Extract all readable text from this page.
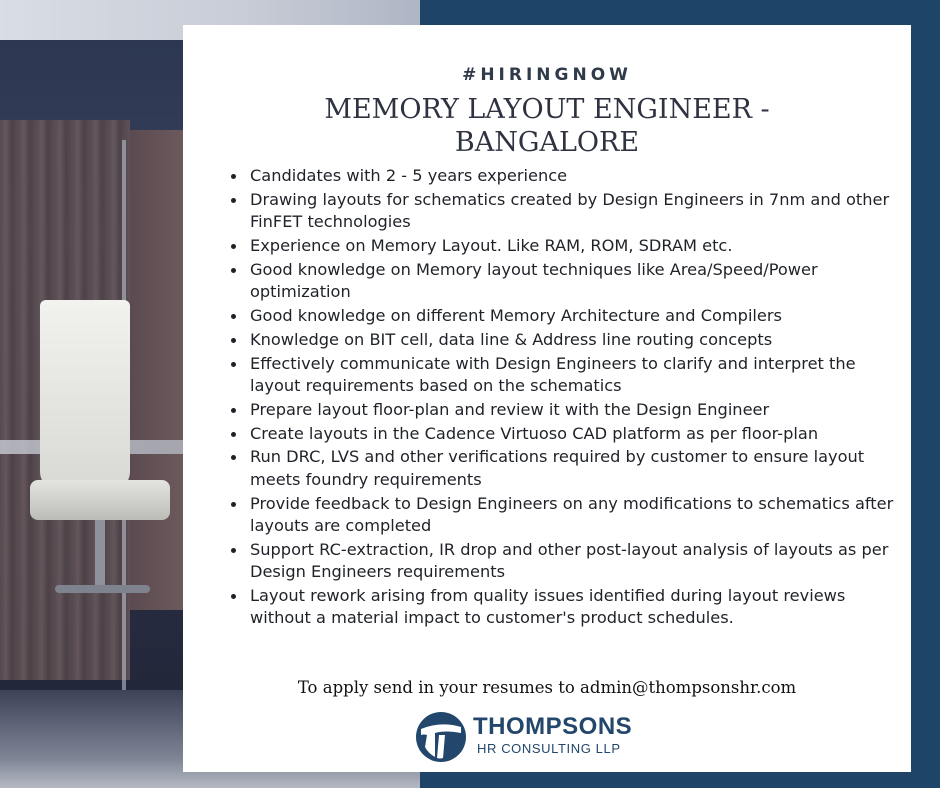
#HIRINGNOW
MEMORY LAYOUT ENGINEER -
BANGALORE
Candidates with 2 - 5 years experience
Drawing layouts for schematics created by Design Engineers in 7nm and other FinFET technologies
Experience on Memory Layout. Like RAM, ROM, SDRAM etc.
Good knowledge on Memory layout techniques like Area/Speed/Power optimization
Good knowledge on different Memory Architecture and Compilers
Knowledge on BIT cell, data line & Address line routing concepts
Effectively communicate with Design Engineers to clarify and interpret the layout requirements based on the schematics
Prepare layout floor-plan and review it with the Design Engineer
Create layouts in the Cadence Virtuoso CAD platform as per floor-plan
Run DRC, LVS and other verifications required by customer to ensure layout meets foundry requirements
Provide feedback to Design Engineers on any modifications to schematics after layouts are completed
Support RC-extraction, IR drop and other post-layout analysis of layouts as per Design Engineers requirements
Layout rework arising from quality issues identified during layout reviews without a material impact to customer's product schedules.
To apply send in your resumes to admin@thompsonshr.com
THOMPSONS
HR CONSULTING LLP
